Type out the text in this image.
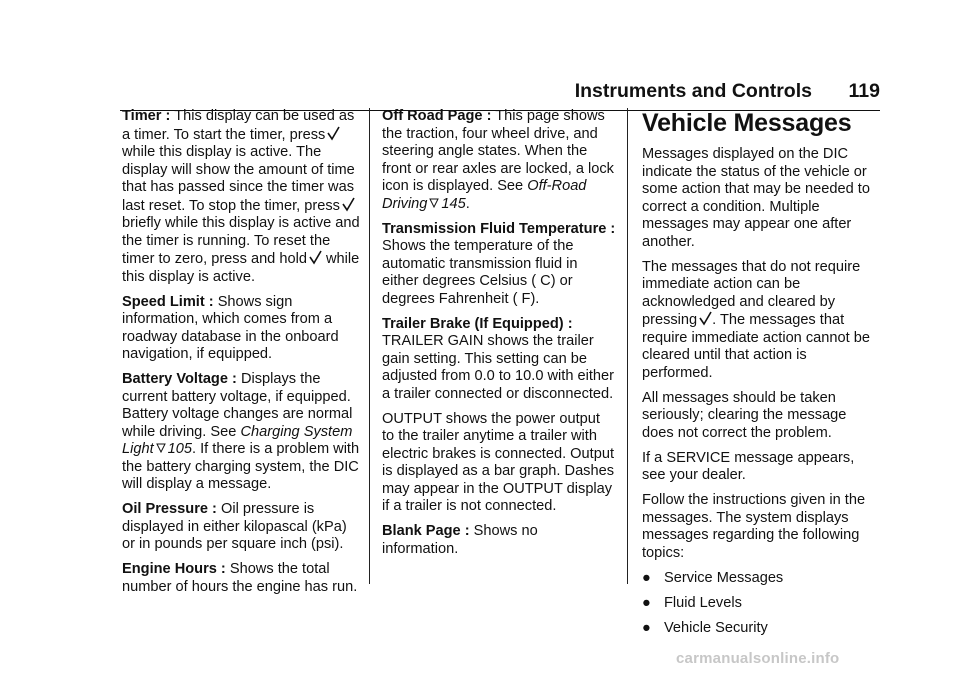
Instruments and Controls 119

Timer : This display can be used as a timer. To start the timer, press while this display is active. The display will show the amount of time that has passed since the timer was last reset. To stop the timer, press briefly while this display is active and the timer is running. To reset the timer to zero, press and hold while this display is active.

Speed Limit : Shows sign information, which comes from a roadway database in the onboard navigation, if equipped.

Battery Voltage : Displays the current battery voltage, if equipped. Battery voltage changes are normal while driving. See Charging System Light 105. If there is a problem with the battery charging system, the DIC will display a message.

Oil Pressure : Oil pressure is displayed in either kilopascal (kPa) or in pounds per square inch (psi).

Engine Hours : Shows the total number of hours the engine has run.

Off Road Page : This page shows the traction, four wheel drive, and steering angle states. When the front or rear axles are locked, a lock icon is displayed. See Off-Road Driving 145.

Transmission Fluid Temperature : Shows the temperature of the automatic transmission fluid in either degrees Celsius ( C) or degrees Fahrenheit ( F).

Trailer Brake (If Equipped) : TRAILER GAIN shows the trailer gain setting. This setting can be adjusted from 0.0 to 10.0 with either a trailer connected or disconnected.

OUTPUT shows the power output to the trailer anytime a trailer with electric brakes is connected. Output is displayed as a bar graph. Dashes may appear in the OUTPUT display if a trailer is not connected.

Blank Page : Shows no information.

Vehicle Messages

Messages displayed on the DIC indicate the status of the vehicle or some action that may be needed to correct a condition. Multiple messages may appear one after another.

The messages that do not require immediate action can be acknowledged and cleared by pressing . The messages that require immediate action cannot be cleared until that action is performed.

All messages should be taken seriously; clearing the message does not correct the problem.

If a SERVICE message appears, see your dealer.

Follow the instructions given in the messages. The system displays messages regarding the following topics:

● Service Messages
● Fluid Levels
● Vehicle Security
carmanualsonline.info
